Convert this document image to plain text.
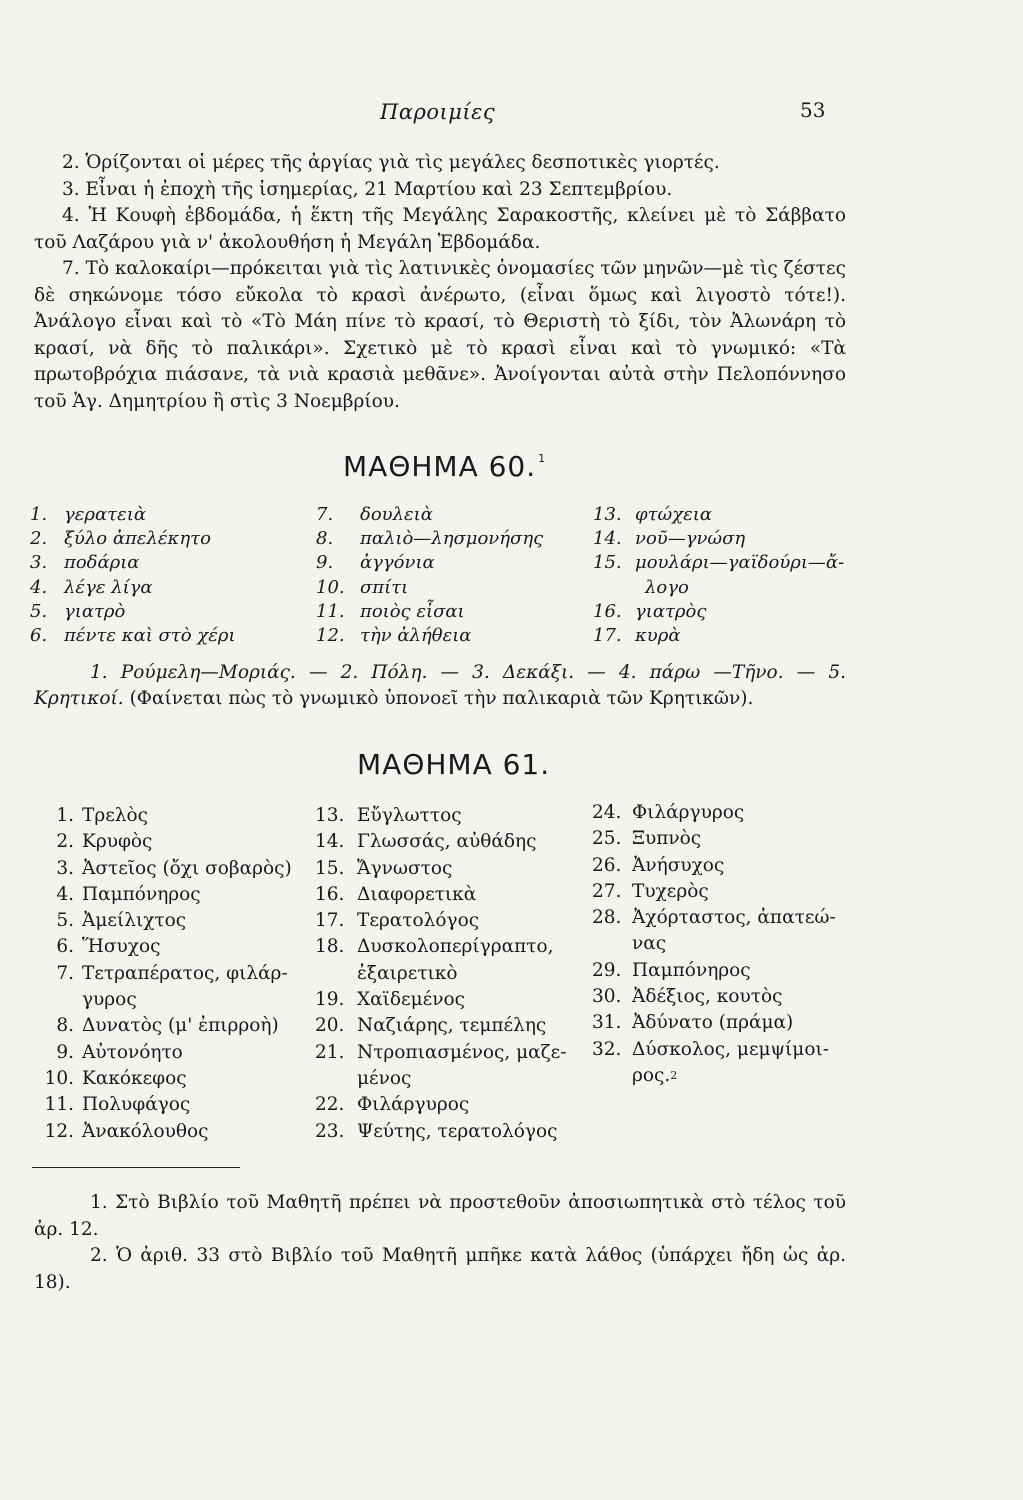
Παροιμίες	53

2. Ὁρίζονται οἱ μέρες τῆς ἀργίας γιὰ τὶς μεγάλες δεσποτικὲς γιορτές.

3. Εἶναι ἡ ἐποχὴ τῆς ἰσημερίας, 21 Μαρτίου καὶ 23 Σεπτεμβρίου.

4. Ἡ Κουφὴ ἑβδομάδα, ἡ ἕκτη τῆς Μεγάλης Σαρακοστῆς, κλείνει μὲ τὸ Σάββατο τοῦ Λαζάρου γιὰ ν' ἀκολουθήση ἡ Μεγάλη Ἑβδομάδα.

7. Τὸ καλοκαίρι—πρόκειται γιὰ τὶς λατινικὲς ὀνομασίες τῶν μηνῶν—μὲ τὶς ζέστες δὲ σηκώνομε τόσο εὔκολα τὸ κρασὶ ἀνέρωτο, (εἶναι ὅμως καὶ λιγοστὸ τότε!). Ἀνάλογο εἶναι καὶ τὸ «Τὸ Μάη πίνε τὸ κρασί, τὸ Θεριστὴ τὸ ξίδι, τὸν Ἀλωνάρη τὸ κρασί, νὰ δῆς τὸ παλικάρι». Σχετικὸ μὲ τὸ κρασὶ εἶναι καὶ τὸ γνωμικό: «Τὰ πρωτοβρόχια πιάσανε, τὰ νιὰ κρασιὰ μεθᾶνε». Ἀνοίγονται αὐτὰ στὴν Πελοπόννησο τοῦ Ἁγ. Δημητρίου ἢ στὶς 3 Νοεμβρίου.

ΜΑΘΗΜΑ 60. $^1$
1. γερατειὰ
2. ξύλο ἀπελέκητο
3. ποδάρια
4. λέγε λίγα
5. γιατρὸ
6. πέντε καὶ στὸ χέρι
7.	δουλειὰ
8.	παλιὸ—λησμονήσης
9.	ἀγγόνια
10. σπίτι
11. ποιὸς εἶσαι
12. τὴν ἀλήθεια
13. φτώχεια
14. νοῦ—γνώση
15. μουλάρι—γαϊδούρι—ἄ-
λογο
16. γιατρὸς
17. κυρὰ

1. Ρούμελη—Μοριάς. — 2. Πόλη. — 3. Δεκάξι. — 4. πάρω —Τῆνο. — 5. Κρητικοί. (Φαίνεται πὼς τὸ γνωμικὸ ὑπονοεῖ τὴν παλικαριὰ τῶν Κρητικῶν).

ΜΑΘΗΜΑ 61.
1. Τρελὸς
2. Κρυφὸς
3. Ἀστεῖος (ὄχι σοβαρὸς)
4. Παμπόνηρος
5. Ἀμείλιχτος
6. Ἥσυχος
7. Τετραπέρατος, φιλάρ-
γυρος
8. Δυνατὸς (μ' ἐπιρροὴ)
9. Αὐτονόητο
10. Κακόκεφος
11. Πολυφάγος
12. Ἀνακόλουθος
13. Εὔγλωττος
14. Γλωσσάς, αὐθάδης
15. Ἄγνωστος
16. Διαφορετικὰ
17. Τερατολόγος
18. Δυσκολοπερίγραπτο,
ἐξαιρετικὸ
19. Χαϊδεμένος
20. Ναζιάρης, τεμπέλης
21. Ντροπιασμένος, μαζε-
μένος
22. Φιλάργυρος
23. Ψεύτης, τερατολόγος
24. Φιλάργυρος
25. Ξυπνὸς
26. Ἀνήσυχος
27. Τυχερὸς
28. Ἀχόρταστος, ἀπατεώ-
νας
29. Παμπόνηρος
30. Ἀδέξιος, κουτὸς
31. Ἀδύνατο (πράμα)
32. Δύσκολος, μεμψίμοι-
ρος. 2

1. Στὸ Βιβλίο τοῦ Μαθητῆ πρέπει νὰ προστεθοῦν ἀποσιωπητικὰ στὸ τέλος τοῦ ἀρ. 12.

2. Ὁ ἀριθ. 33 στὸ Βιβλίο τοῦ Μαθητῆ μπῆκε κατὰ λάθος (ὑπάρχει ἤδη ὡς ἀρ. 18).
